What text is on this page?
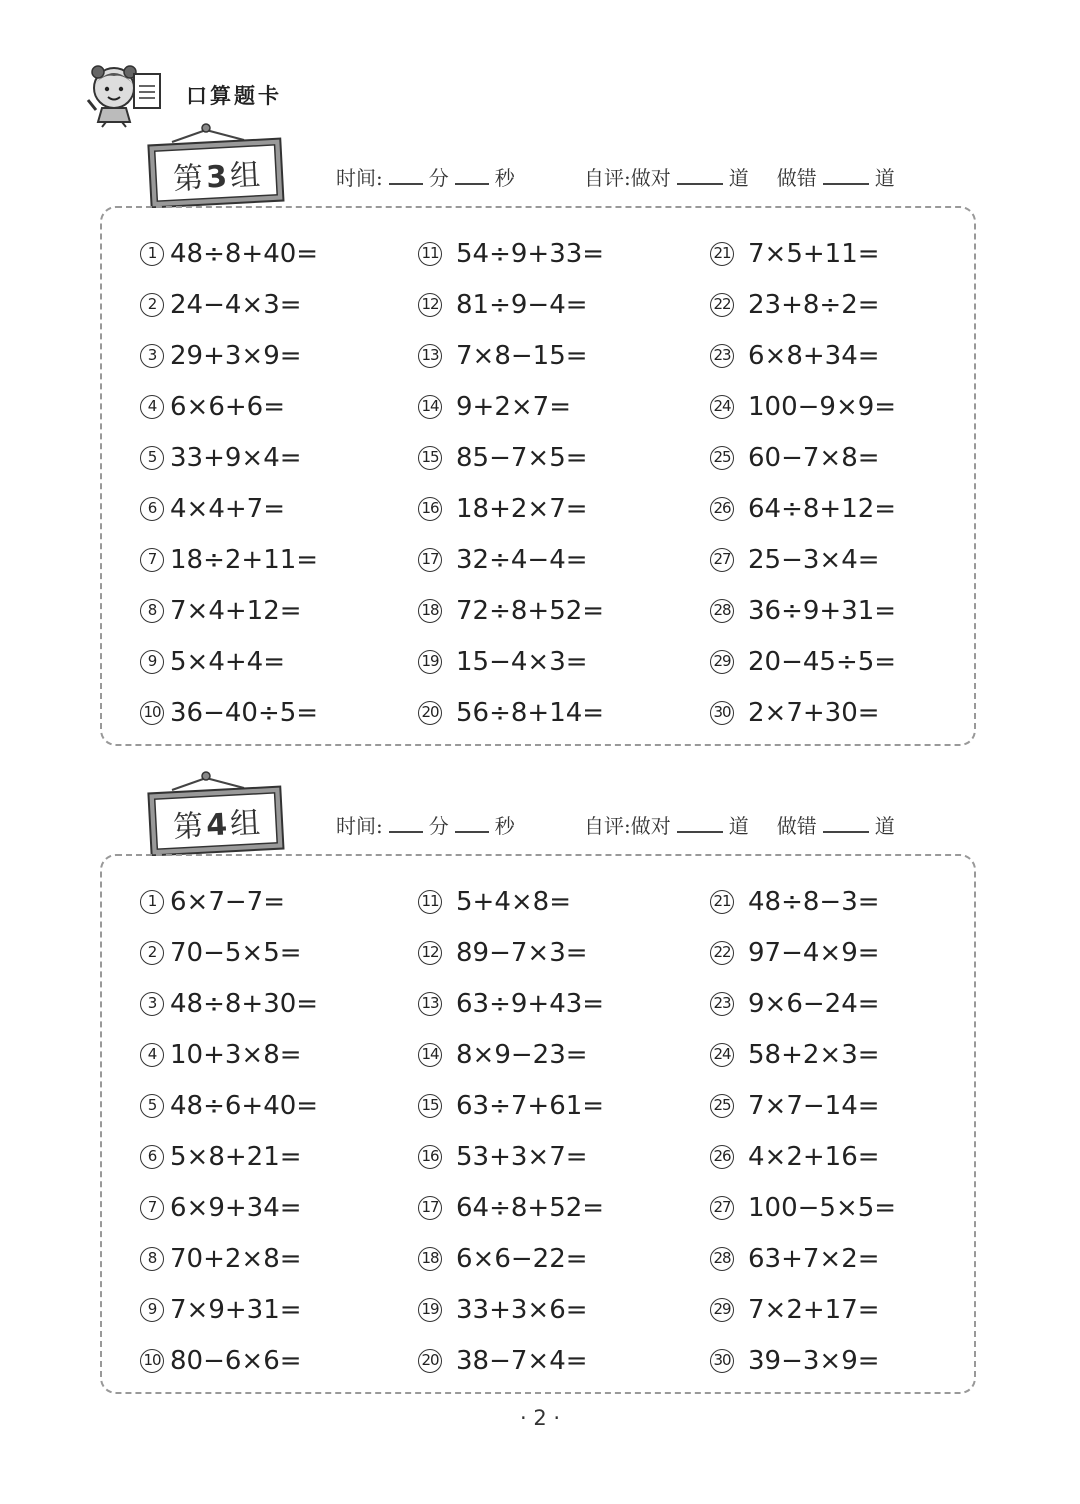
口算题卡
第3组	时间: 分 秒	自评:做对	道 做错	道
1 48÷8+40=
2 24−4×3=
3 29+3×9=
4 6×6+6=
5 33+9×4=
6 4×4+7=
7 18÷2+11=
8 7×4+12=
9 5×4+4=
10 36−40÷5=
11 54÷9+33=
12 81÷9−4=
13 7×8−15=
14 9+2×7=
15 85−7×5=
16 18+2×7=
17 32÷4−4=
18 72÷8+52=
19 15−4×3=
20 56÷8+14=
21 7×5+11=
22 23+8÷2=
23 6×8+34=
24 100−9×9=
25 60−7×8=
26 64÷8+12=
27 25−3×4=
28 36÷9+31=
29 20−45÷5=
30 2×7+30=
第4组	时间: 分 秒	自评:做对	道 做错	道
1 6×7−7=
2 70−5×5=
3 48÷8+30=
4 10+3×8=
5 48÷6+40=
6 5×8+21=
7 6×9+34=
8 70+2×8=
9 7×9+31=
10 80−6×6=
11 5+4×8=
12 89−7×3=
13 63÷9+43=
14 8×9−23=
15 63÷7+61=
16 53+3×7=
17 64÷8+52=
18 6×6−22=
19 33+3×6=
20 38−7×4=
21 48÷8−3=
22 97−4×9=
23 9×6−24=
24 58+2×3=
25 7×7−14=
26 4×2+16=
27 100−5×5=
28 63+7×2=
29 7×2+17=
30 39−3×9=
· 2 ·
